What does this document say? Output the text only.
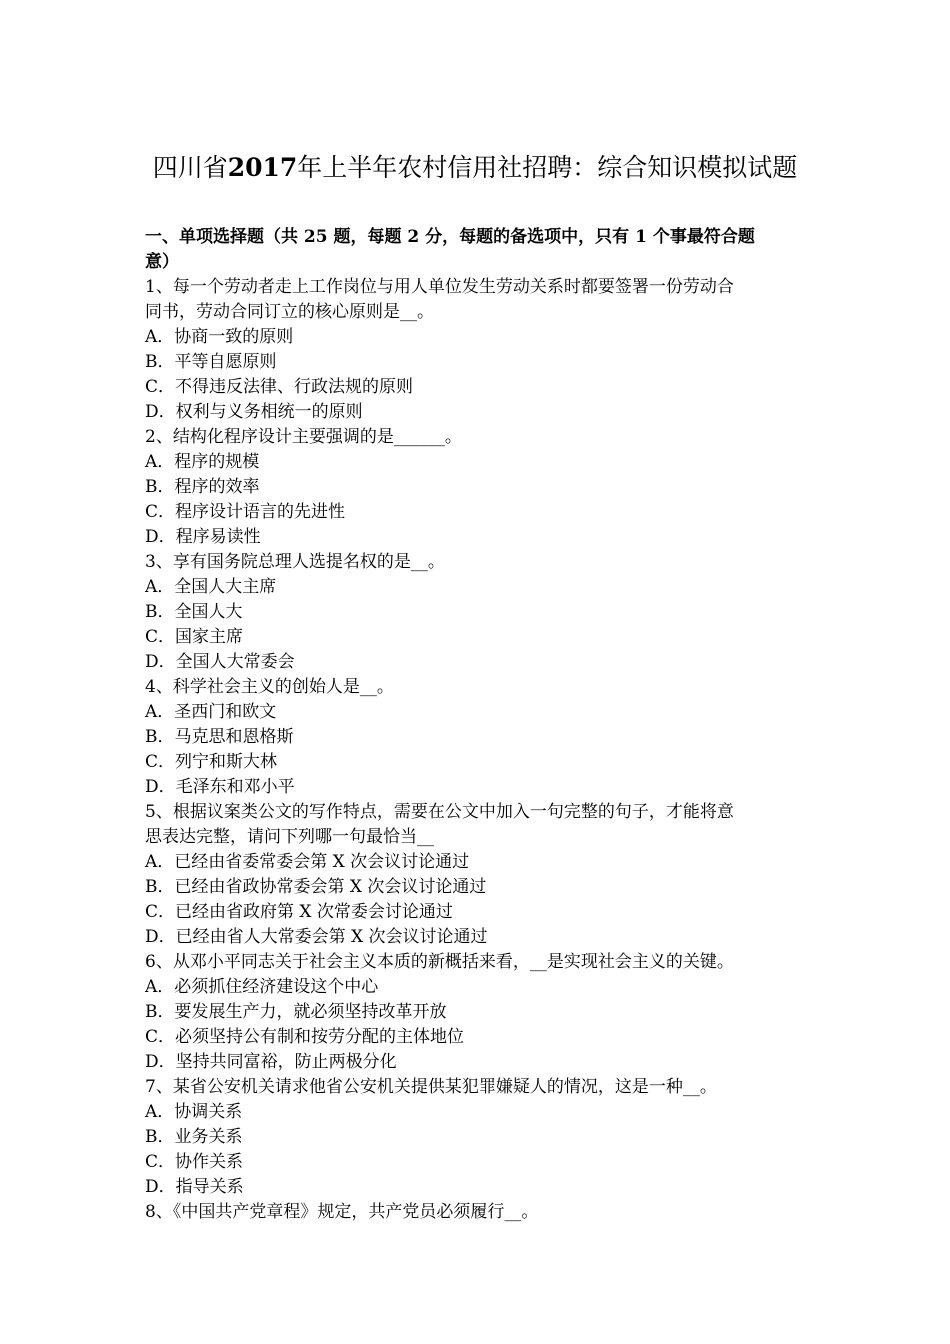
四川省2017年上半年农村信用社招聘：综合知识模拟试题
一、单项选择题（共 25 题，每题 2 分，每题的备选项中，只有 1 个事最符合题
意）
1、每一个劳动者走上工作岗位与用人单位发生劳动关系时都要签署一份劳动合
同书，劳动合同订立的核心原则是__。
A．协商一致的原则
B．平等自愿原则
C．不得违反法律、行政法规的原则
D．权利与义务相统一的原则
2、结构化程序设计主要强调的是______。
A．程序的规模
B．程序的效率
C．程序设计语言的先进性
D．程序易读性
3、享有国务院总理人选提名权的是__。
A．全国人大主席
B．全国人大
C．国家主席
D．全国人大常委会
4、科学社会主义的创始人是__。
A．圣西门和欧文
B．马克思和恩格斯
C．列宁和斯大林
D．毛泽东和邓小平
5、根据议案类公文的写作特点，需要在公文中加入一句完整的句子，才能将意
思表达完整，请问下列哪一句最恰当__
A．已经由省委常委会第 X 次会议讨论通过
B．已经由省政协常委会第 X 次会议讨论通过
C．已经由省政府第 X 次常委会讨论通过
D．已经由省人大常委会第 X 次会议讨论通过
6、从邓小平同志关于社会主义本质的新概括来看，__是实现社会主义的关键。
A．必须抓住经济建设这个中心
B．要发展生产力，就必须坚持改革开放
C．必须坚持公有制和按劳分配的主体地位
D．坚持共同富裕，防止两极分化
7、某省公安机关请求他省公安机关提供某犯罪嫌疑人的情况，这是一种__。
A．协调关系
B．业务关系
C．协作关系
D．指导关系
8、《中国共产党章程》规定，共产党员必须履行__。
